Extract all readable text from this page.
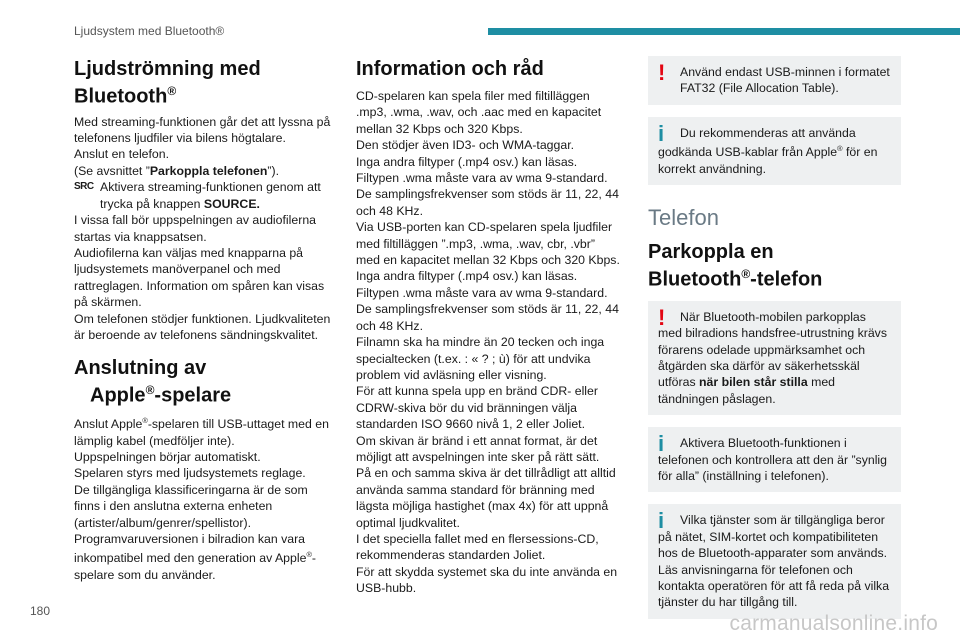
Ljudsystem med Bluetooth®
Ljudströmning med
Bluetooth®

Med streaming-funktionen går det att lyssna på telefonens ljudfiler via bilens högtalare.

Anslut en telefon.

(Se avsnittet ”Parkoppla telefonen”).

SRC Aktivera streaming-funktionen genom att trycka på knappen SOURCE.

I vissa fall bör uppspelningen av audiofilerna startas via knappsatsen.

Audiofilerna kan väljas med knapparna på ljudsystemets manöverpanel och med rattreglagen. Information om spåren kan visas på skärmen.

Om telefonen stödjer funktionen. Ljudkvaliteten är beroende av telefonens sändningskvalitet.

Anslutning av
Apple®-spelare

Anslut Apple®-spelaren till USB-uttaget med en lämplig kabel (medföljer inte).

Uppspelningen börjar automatiskt.

Spelaren styrs med ljudsystemets reglage.

De tillgängliga klassificeringarna är de som finns i den anslutna externa enheten (artister/album/genrer/spellistor).

Programvaruversionen i bilradion kan vara inkompatibel med den generation av Apple®-spelare som du använder.

Information och råd

CD-spelaren kan spela filer med filtilläggen .mp3, .wma, .wav, och .aac med en kapacitet mellan 32 Kbps och 320 Kbps.

Den stödjer även ID3- och WMA-taggar.

Inga andra filtyper (.mp4 osv.) kan läsas.

Filtypen .wma måste vara av wma 9-standard.

De samplingsfrekvenser som stöds är 11, 22, 44 och 48 KHz.

Via USB-porten kan CD-spelaren spela ljudfiler med filtilläggen ”.mp3, .wma, .wav, cbr, .vbr” med en kapacitet mellan 32 Kbps och 320 Kbps.

Inga andra filtyper (.mp4 osv.) kan läsas.

Filtypen .wma måste vara av wma 9-standard.

De samplingsfrekvenser som stöds är 11, 22, 44 och 48 KHz.

Filnamn ska ha mindre än 20 tecken och inga specialtecken (t.ex. : « ? ; ù) för att undvika problem vid avläsning eller visning.

För att kunna spela upp en bränd CDR- eller CDRW-skiva bör du vid bränningen välja standarden ISO 9660 nivå 1, 2 eller Joliet.

Om skivan är bränd i ett annat format, är det möjligt att avspelningen inte sker på rätt sätt.

På en och samma skiva är det tillrådligt att alltid använda samma standard för bränning med lägsta möjliga hastighet (max 4x) för att uppnå optimal ljudkvalitet.

I det speciella fallet med en flersessions-CD, rekommenderas standarden Joliet.

För att skydda systemet ska du inte använda en USB-hubb.

!	Använd endast USB-minnen i formatet FAT32 (File Allocation Table).

i	Du rekommenderas att använda godkända USB-kablar från Apple® för en korrekt användning.

Telefon
Parkoppla en
Bluetooth®-telefon
!	När Bluetooth-mobilen parkopplas med bilradions handsfree-utrustning krävs förarens odelade uppmärksamhet och åtgärden ska därför av säkerhetsskäl utföras när bilen står stilla med tändningen påslagen.

i	Aktivera Bluetooth-funktionen i telefonen och kontrollera att den är ”synlig för alla” (inställning i telefonen).

i	Vilka tjänster som är tillgängliga beror på nätet, SIM-kortet och kompatibiliteten hos de Bluetooth-apparater som används.

Läs anvisningarna för telefonen och kontakta operatören för att få reda på vilka tjänster du har tillgång till.

180
carmanualsonline.info
